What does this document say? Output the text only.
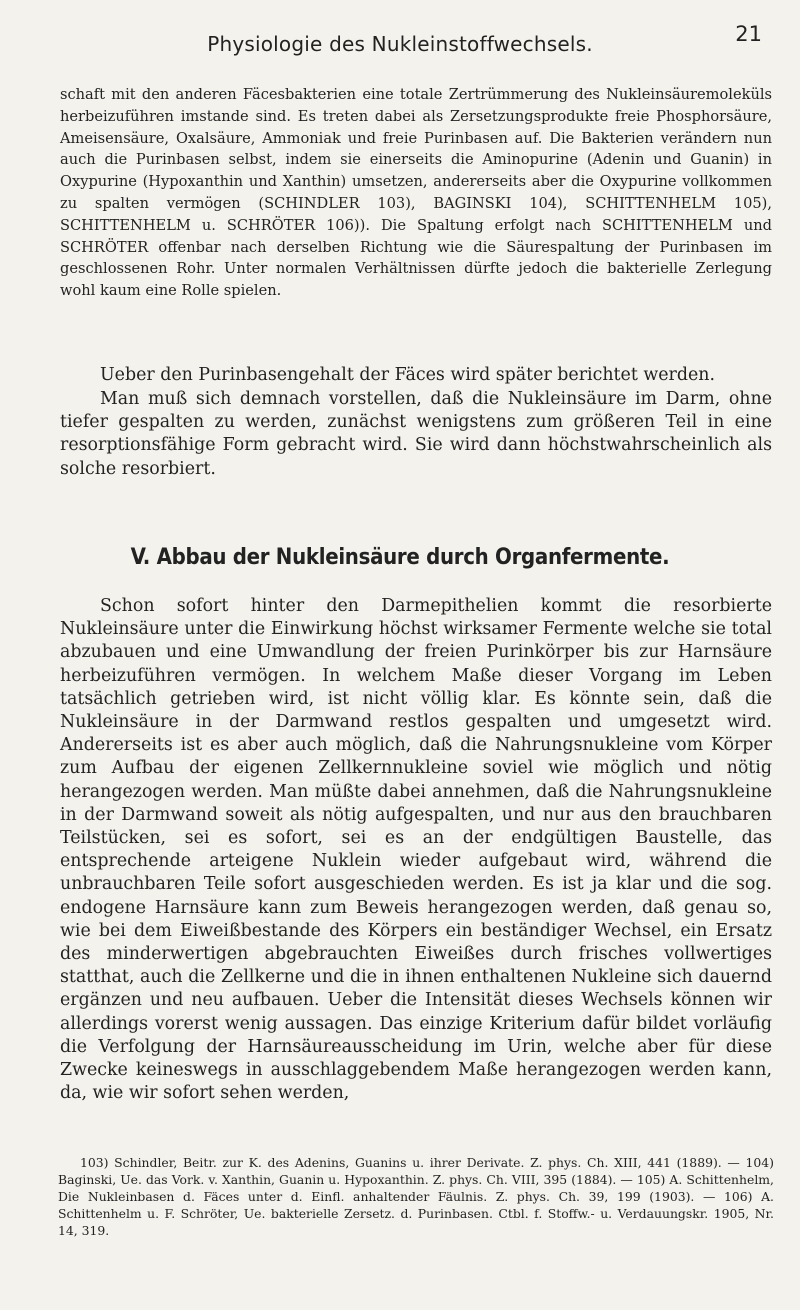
Physiologie des Nukleinstoffwechsels.	21

schaft mit den anderen Fäcesbakterien eine totale Zertrümmerung des Nukleinsäuremoleküls herbeizuführen imstande sind. Es treten dabei als Zersetzungsprodukte freie Phosphorsäure, Ameisensäure, Oxalsäure, Ammoniak und freie Purinbasen auf. Die Bakterien verändern nun auch die Purinbasen selbst, indem sie einerseits die Aminopurine (Adenin und Guanin) in Oxypurine (Hypoxanthin und Xanthin) umsetzen, andererseits aber die Oxypurine vollkommen zu spalten vermögen (SCHINDLER 103), BAGINSKI 104), SCHITTENHELM 105), SCHITTENHELM u. SCHRÖTER 106)). Die Spaltung erfolgt nach SCHITTENHELM und SCHRÖTER offenbar nach derselben Richtung wie die Säurespaltung der Purinbasen im geschlossenen Rohr. Unter normalen Verhältnissen dürfte jedoch die bakterielle Zerlegung wohl kaum eine Rolle spielen.

Ueber den Purinbasengehalt der Fäces wird später berichtet werden.

Man muß sich demnach vorstellen, daß die Nukleinsäure im Darm, ohne tiefer gespalten zu werden, zunächst wenigstens zum größeren Teil in eine resorptionsfähige Form gebracht wird. Sie wird dann höchstwahrscheinlich als solche resorbiert.

V. Abbau der Nukleinsäure durch Organfermente.

Schon sofort hinter den Darmepithelien kommt die resorbierte Nukleinsäure unter die Einwirkung höchst wirksamer Fermente welche sie total abzubauen und eine Umwandlung der freien Purinkörper bis zur Harnsäure herbeizuführen vermögen. In welchem Maße dieser Vorgang im Leben tatsächlich getrieben wird, ist nicht völlig klar. Es könnte sein, daß die Nukleinsäure in der Darmwand restlos gespalten und umgesetzt wird. Andererseits ist es aber auch möglich, daß die Nahrungsnukleine vom Körper zum Aufbau der eigenen Zellkernnukleine soviel wie möglich und nötig herangezogen werden. Man müßte dabei annehmen, daß die Nahrungsnukleine in der Darmwand soweit als nötig aufgespalten, und nur aus den brauchbaren Teilstücken, sei es sofort, sei es an der endgültigen Baustelle, das entsprechende arteigene Nuklein wieder aufgebaut wird, während die unbrauchbaren Teile sofort ausgeschieden werden. Es ist ja klar und die sog. endogene Harnsäure kann zum Beweis herangezogen werden, daß genau so, wie bei dem Eiweißbestande des Körpers ein beständiger Wechsel, ein Ersatz des minderwertigen abgebrauchten Eiweißes durch frisches vollwertiges statthat, auch die Zellkerne und die in ihnen enthaltenen Nukleine sich dauernd ergänzen und neu aufbauen. Ueber die Intensität dieses Wechsels können wir allerdings vorerst wenig aussagen. Das einzige Kriterium dafür bildet vorläufig die Verfolgung der Harnsäureausscheidung im Urin, welche aber für diese Zwecke keineswegs in ausschlaggebendem Maße herangezogen werden kann, da, wie wir sofort sehen werden,

103) Schindler, Beitr. zur K. des Adenins, Guanins u. ihrer Derivate. Z. phys. Ch. XIII, 441 (1889). — 104) Baginski, Ue. das Vork. v. Xanthin, Guanin u. Hypoxanthin. Z. phys. Ch. VIII, 395 (1884). — 105) A. Schittenhelm, Die Nukleinbasen d. Fäces unter d. Einfl. anhaltender Fäulnis. Z. phys. Ch. 39, 199 (1903). — 106) A. Schittenhelm u. F. Schröter, Ue. bakterielle Zersetz. d. Purinbasen. Ctbl. f. Stoffw.- u. Verdauungskr. 1905, Nr. 14, 319.
